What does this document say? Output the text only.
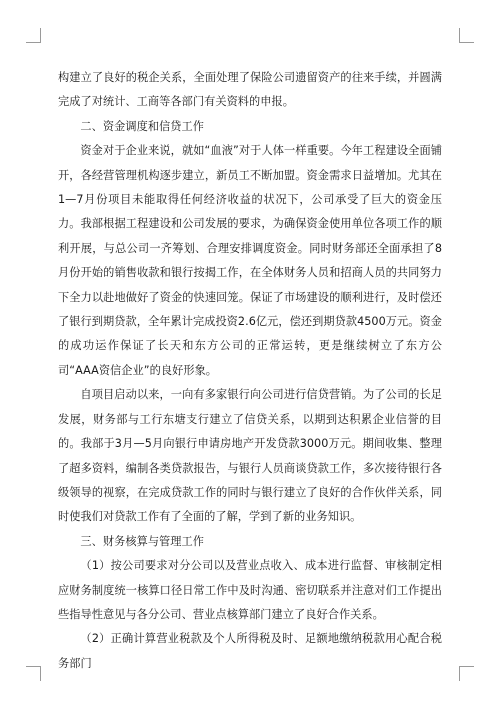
构建立了良好的税企关系，全面处理了保险公司遗留资产的往来手续，并圆满完成了对统计、工商等各部门有关资料的申报。

二、资金调度和信贷工作

资金对于企业来说，就如“血液”对于人体一样重要。今年工程建设全面铺开，各经营管理机构逐步建立，新员工不断加盟。资金需求日益增加。尤其在1—7月份项目未能取得任何经济收益的状况下，公司承受了巨大的资金压力。我部根据工程建设和公司发展的要求，为确保资金使用单位各项工作的顺利开展，与总公司一齐筹划、合理安排调度资金。同时财务部还全面承担了8月份开始的销售收款和银行按揭工作，在全体财务人员和招商人员的共同努力下全力以赴地做好了资金的快速回笼。保证了市场建设的顺利进行，及时偿还了银行到期贷款，全年累计完成投资2.6亿元，偿还到期贷款4500万元。资金的成功运作保证了长天和东方公司的正常运转，更是继续树立了东方公司“AAA资信企业”的良好形象。

自项目启动以来，一向有多家银行向公司进行信贷营销。为了公司的长足发展，财务部与工行东塘支行建立了信贷关系，以期到达积累企业信誉的目的。我部于3月—5月向银行申请房地产开发贷款3000万元。期间收集、整理了超多资料，编制各类贷款报告，与银行人员商谈贷款工作，多次接待银行各级领导的视察，在完成贷款工作的同时与银行建立了良好的合作伙伴关系，同时使我们对贷款工作有了全面的了解，学到了新的业务知识。

三、财务核算与管理工作

（1）按公司要求对分公司以及营业点收入、成本进行监督、审核制定相应财务制度统一核算口径日常工作中及时沟通、密切联系并注意对们工作提出些指导性意见与各分公司、营业点核算部门建立了良好合作关系。

（2）正确计算营业税款及个人所得税及时、足额地缴纳税款用心配合税务部门
